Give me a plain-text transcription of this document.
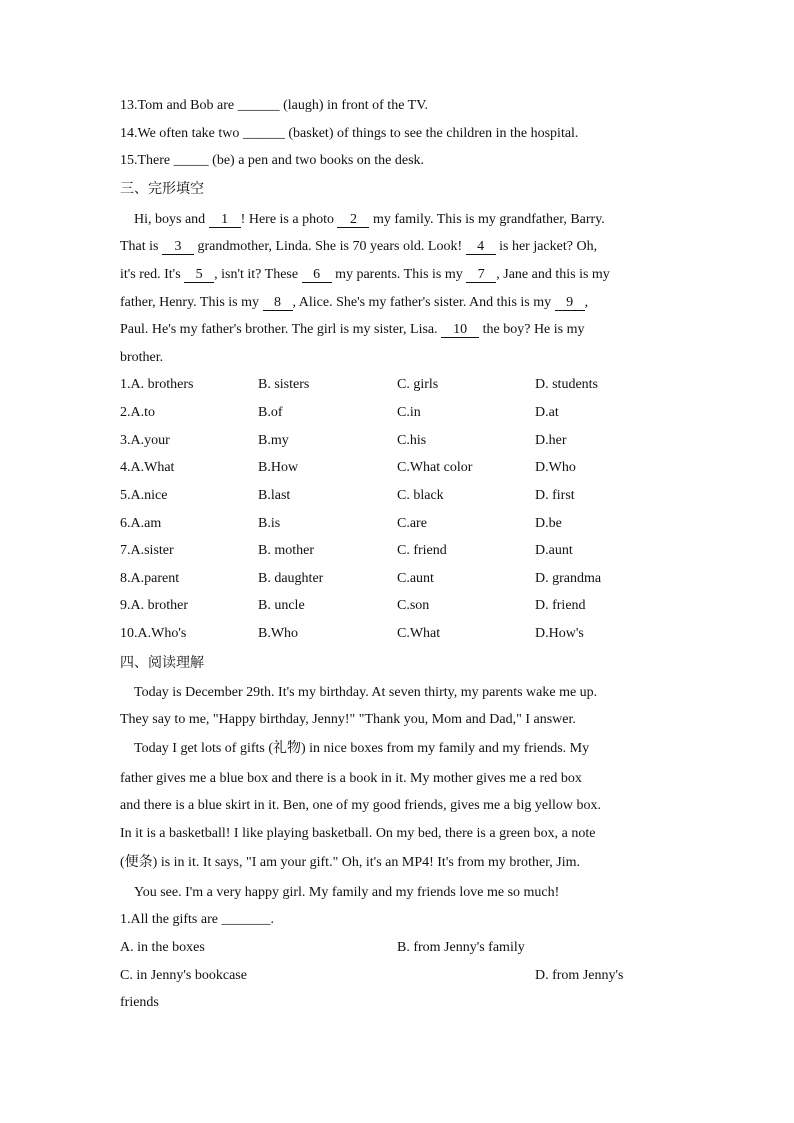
13.Tom and Bob are ______ (laugh) in front of the TV.
14.We often take two ______ (basket) of things to see the children in the hospital.
15.There _____ (be) a pen and two books on the desk.
三、完形填空
Hi, boys and 1 ! Here is a photo 2 my family. This is my grandfather, Barry.
That is 3 grandmother, Linda. She is 70 years old. Look! 4 is her jacket? Oh,
it's red. It's 5 , isn't it? These 6 my parents. This is my 7 , Jane and this is my
father, Henry. This is my 8 , Alice. She's my father's sister. And this is my 9 ,
Paul. He's my father's brother. The girl is my sister, Lisa. 10 the boy? He is my
brother.
1.A. brothers	B. sisters	C. girls	D. students
2.A.to	B.of	C.in	D.at
3.A.your	B.my	C.his	D.her
4.A.What	B.How	C.What color	D.Who
5.A.nice	B.last	C. black	D. first
6.A.am	B.is	C.are	D.be
7.A.sister	B. mother	C. friend	D.aunt
8.A.parent	B. daughter	C.aunt	D. grandma
9.A. brother	B. uncle	C.son	D. friend
10.A.Who's	B.Who	C.What	D.How's
四、阅读理解
Today is December 29th. It's my birthday. At seven thirty, my parents wake me up.
They say to me, "Happy birthday, Jenny!" "Thank you, Mom and Dad," I answer.
Today I get lots of gifts (礼物) in nice boxes from my family and my friends. My
father gives me a blue box and there is a book in it. My mother gives me a red box
and there is a blue skirt in it. Ben, one of my good friends, gives me a big yellow box.
In it is a basketball! I like playing basketball. On my bed, there is a green box, a note
(便条) is in it. It says, "I am your gift." Oh, it's an MP4! It's from my brother, Jim.
You see. I'm a very happy girl. My family and my friends love me so much!
1.All the gifts are _______.
A. in the boxes	B. from Jenny's family
C. in Jenny's bookcase	D. from Jenny's
friends
